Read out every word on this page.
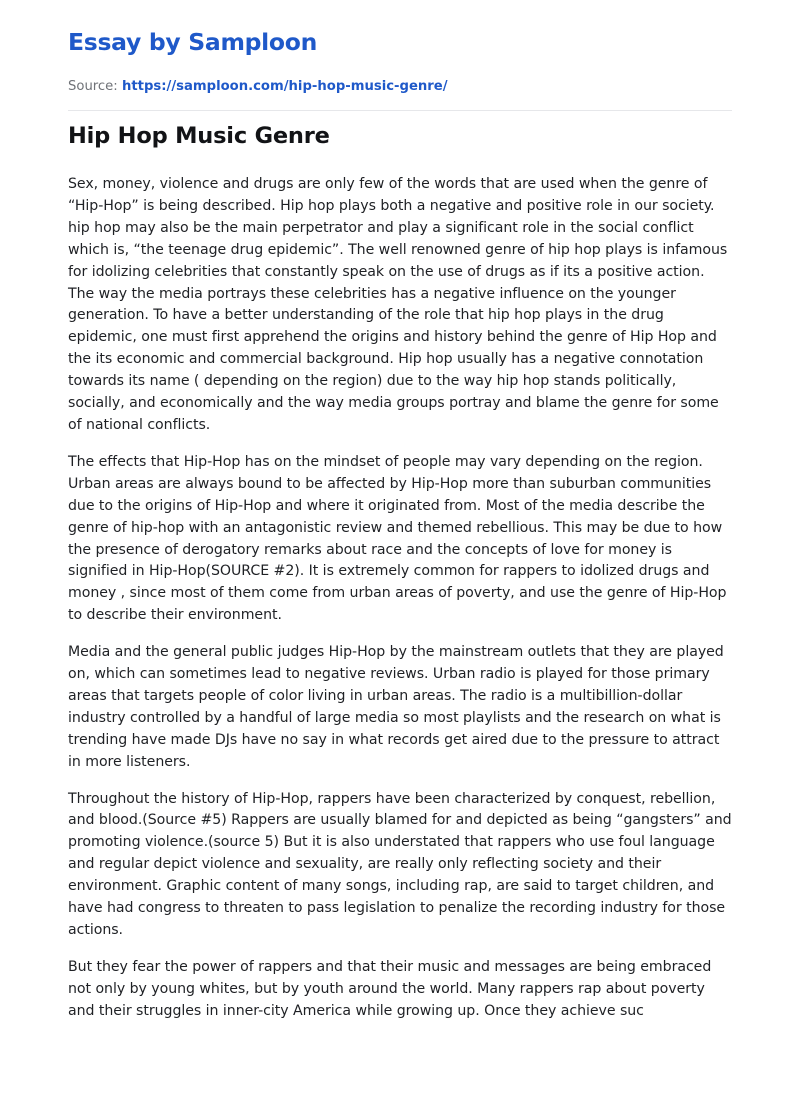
Essay by Samploon

Source: https://samploon.com/hip-hop-music-genre/

Hip Hop Music Genre

Sex, money, violence and drugs are only few of the words that are used when the genre of “Hip-Hop” is being described. Hip hop plays both a negative and positive role in our society. hip hop may also be the main perpetrator and play a significant role in the social conflict which is, “the teenage drug epidemic”. The well renowned genre of hip hop plays is infamous for idolizing celebrities that constantly speak on the use of drugs as if its a positive action. The way the media portrays these celebrities has a negative influence on the younger generation. To have a better understanding of the role that hip hop plays in the drug epidemic, one must first apprehend the origins and history behind the genre of Hip Hop and the its economic and commercial background. Hip hop usually has a negative connotation towards its name ( depending on the region) due to the way hip hop stands politically, socially, and economically and the way media groups portray and blame the genre for some of national conflicts.

The effects that Hip-Hop has on the mindset of people may vary depending on the region. Urban areas are always bound to be affected by Hip-Hop more than suburban communities due to the origins of Hip-Hop and where it originated from. Most of the media describe the genre of hip-hop with an antagonistic review and themed rebellious. This may be due to how the presence of derogatory remarks about race and the concepts of love for money is signified in Hip-Hop(SOURCE #2). It is extremely common for rappers to idolized drugs and money , since most of them come from urban areas of poverty, and use the genre of Hip-Hop to describe their environment.

Media and the general public judges Hip-Hop by the mainstream outlets that they are played on, which can sometimes lead to negative reviews. Urban radio is played for those primary areas that targets people of color living in urban areas. The radio is a multibillion-dollar industry controlled by a handful of large media so most playlists and the research on what is trending have made DJs have no say in what records get aired due to the pressure to attract in more listeners.

Throughout the history of Hip-Hop, rappers have been characterized by conquest, rebellion, and blood.(Source #5) Rappers are usually blamed for and depicted as being “gangsters” and promoting violence.(source 5) But it is also understated that rappers who use foul language and regular depict violence and sexuality, are really only reflecting society and their environment. Graphic content of many songs, including rap, are said to target children, and have had congress to threaten to pass legislation to penalize the recording industry for those actions.

But they fear the power of rappers and that their music and messages are being embraced not only by young whites, but by youth around the world. Many rappers rap about poverty and their struggles in inner-city America while growing up. Once they achieve suc
